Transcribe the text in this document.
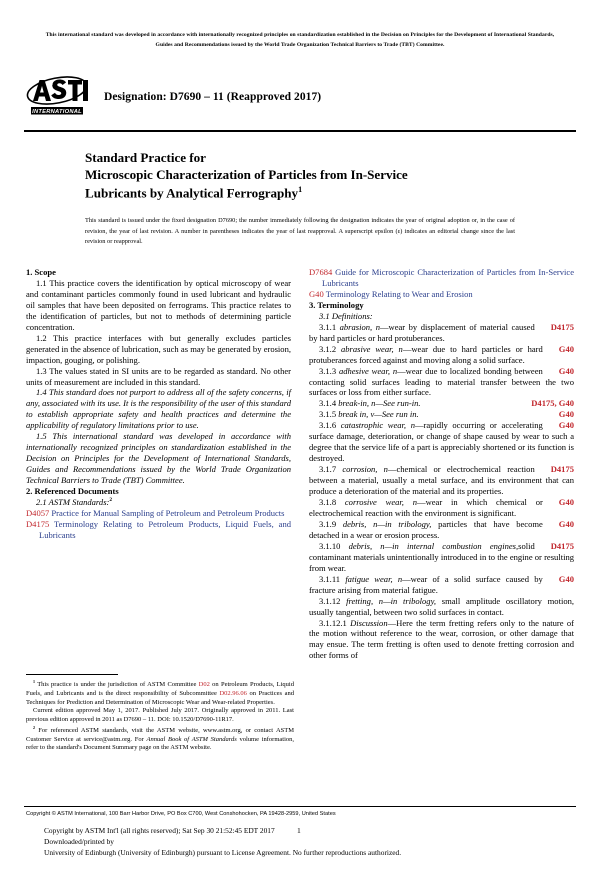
This international standard was developed in accordance with internationally recognized principles on standardization established in the Decision on Principles for the Development of International Standards, Guides and Recommendations issued by the World Trade Organization Technical Barriers to Trade (TBT) Committee.
INTERNATIONAL
Designation: D7690 – 11 (Reapproved 2017)
Standard Practice for
Microscopic Characterization of Particles from In-Service
Lubricants by Analytical Ferrography$^1$
This standard is issued under the fixed designation D7690; the number immediately following the designation indicates the year of original adoption or, in the case of revision, the year of last revision. A number in parentheses indicates the year of last reapproval. A superscript epsilon (ε) indicates an editorial change since the last revision or reapproval.

1. Scope

1.1 This practice covers the identification by optical microscopy of wear and contaminant particles commonly found in used lubricant and hydraulic oil samples that have been deposited on ferrograms. This practice relates to the identification of particles, but not to methods of determining particle concentration.

1.2 This practice interfaces with but generally excludes particles generated in the absence of lubrication, such as may be generated by erosion, impaction, gouging, or polishing.

1.3 The values stated in SI units are to be regarded as standard. No other units of measurement are included in this standard.

1.4 This standard does not purport to address all of the safety concerns, if any, associated with its use. It is the responsibility of the user of this standard to establish appropriate safety and health practices and determine the applicability of regulatory limitations prior to use.

1.5 This international standard was developed in accordance with internationally recognized principles on standardization established in the Decision on Principles for the Development of International Standards, Guides and Recommendations issued by the World Trade Organization Technical Barriers to Trade (TBT) Committee.

2. Referenced Documents

2.1 ASTM Standards:$^2$

D4057 Practice for Manual Sampling of Petroleum and Petroleum Products

D4175 Terminology Relating to Petroleum Products, Liquid Fuels, and Lubricants

D7684 Guide for Microscopic Characterization of Particles from In-Service Lubricants

G40 Terminology Relating to Wear and Erosion

3. Terminology

3.1 Definitions:

D4175
3.1.1 abrasion, n—wear by displacement of material caused by hard particles or hard protuberances.

G40
3.1.2 abrasive wear, n—wear due to hard particles or hard protuberances forced against and moving along a solid surface.

G40
3.1.3 adhesive wear, n—wear due to localized bonding between contacting solid surfaces leading to material transfer between the two surfaces or loss from either surface.

D4175, G40
3.1.4 break-in, n—See run-in.

G40
3.1.5 break in, v—See run in.

G40
3.1.6 catastrophic wear, n—rapidly occurring or accelerating surface damage, deterioration, or change of shape caused by wear to such a degree that the service life of a part is appreciably shortened or its function is destroyed.

D4175
3.1.7 corrosion, n—chemical or electrochemical reaction between a material, usually a metal surface, and its environment that can produce a deterioration of the material and its properties.

G40
3.1.8 corrosive wear, n—wear in which chemical or electrochemical reaction with the environment is significant.

G40
3.1.9 debris, n—in tribology, particles that have become detached in a wear or erosion process.

D4175
3.1.10 debris, n—in internal combustion engines,solid contaminant materials unintentionally introduced in to the engine or resulting from wear.

G40
3.1.11 fatigue wear, n—wear of a solid surface caused by fracture arising from material fatigue.

3.1.12 fretting, n—in tribology, small amplitude oscillatory motion, usually tangential, between two solid surfaces in contact.

3.1.12.1 Discussion—Here the term fretting refers only to the nature of the motion without reference to the wear, corrosion, or other damage that may ensue. The term fretting is often used to denote fretting corrosion and other forms of

$^1$ This practice is under the jurisdiction of ASTM Committee D02 on Petroleum Products, Liquid Fuels, and Lubricants and is the direct responsibility of Subcommittee D02.96.06 on Practices and Techniques for Prediction and Determination of Microscopic Wear and Wear-related Properties.

Current edition approved May 1, 2017. Published July 2017. Originally approved in 2011. Last previous edition approved in 2011 as D7690 – 11. DOI: 10.1520/D7690-11R17.

$^2$ For referenced ASTM standards, visit the ASTM website, www.astm.org, or contact ASTM Customer Service at service@astm.org. For Annual Book of ASTM Standards volume information, refer to the standard's Document Summary page on the ASTM website.

Copyright © ASTM International, 100 Barr Harbor Drive, PO Box C700, West Conshohocken, PA 19428-2959, United States
Copyright by ASTM Int'l (all rights reserved); Sat Sep 30 21:52:45 EDT 2017
Downloaded/printed by
University of Edinburgh (University of Edinburgh) pursuant to License Agreement. No further reproductions authorized.
1
